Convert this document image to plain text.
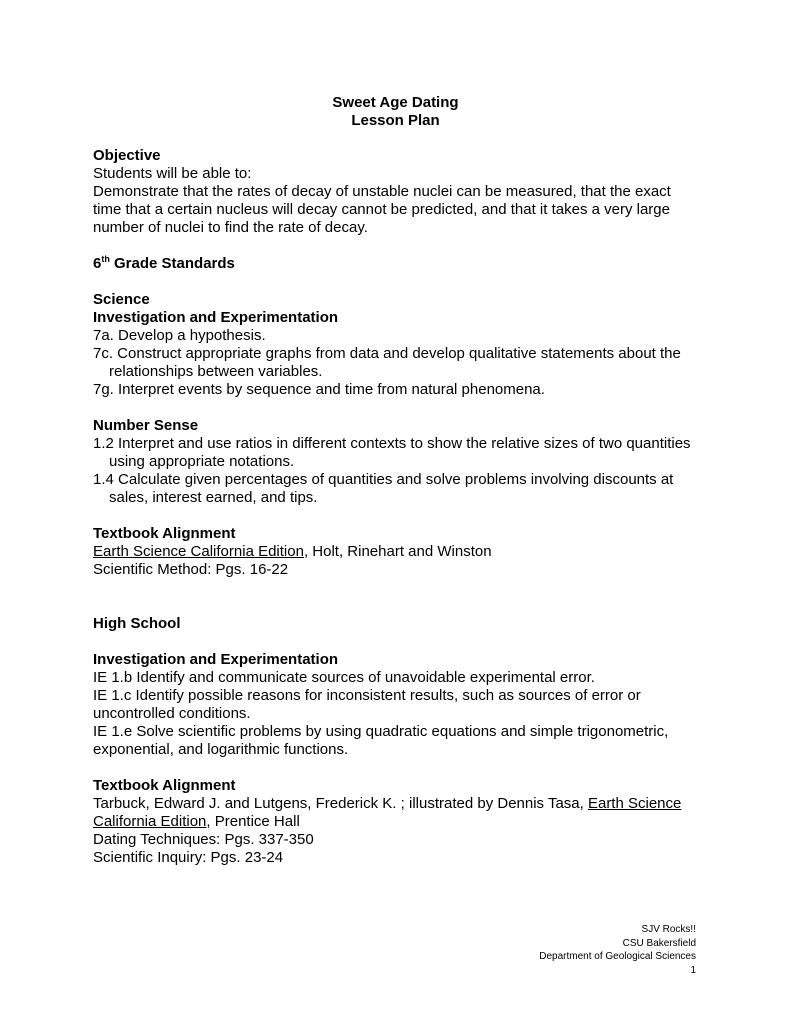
Sweet Age Dating
Lesson Plan

Objective

Students will be able to:

Demonstrate that the rates of decay of unstable nuclei can be measured, that the exact time that a certain nucleus will decay cannot be predicted, and that it takes a very large number of nuclei to find the rate of decay.

6th Grade Standards

Science

Investigation and Experimentation

7a. Develop a hypothesis.

7c. Construct appropriate graphs from data and develop qualitative statements about the relationships between variables.

7g. Interpret events by sequence and time from natural phenomena.

Number Sense

1.2 Interpret and use ratios in different contexts to show the relative sizes of two quantities using appropriate notations.

1.4 Calculate given percentages of quantities and solve problems involving discounts at sales, interest earned, and tips.

Textbook Alignment

Earth Science California Edition, Holt, Rinehart and Winston

Scientific Method: Pgs. 16-22

High School

Investigation and Experimentation

IE 1.b Identify and communicate sources of unavoidable experimental error.

IE 1.c Identify possible reasons for inconsistent results, such as sources of error or uncontrolled conditions.

IE 1.e Solve scientific problems by using quadratic equations and simple trigonometric, exponential, and logarithmic functions.

Textbook Alignment

Tarbuck, Edward J. and Lutgens, Frederick K. ; illustrated by Dennis Tasa, Earth Science California Edition, Prentice Hall

Dating Techniques: Pgs. 337-350

Scientific Inquiry: Pgs. 23-24

SJV Rocks!!
CSU Bakersfield
Department of Geological Sciences
1
